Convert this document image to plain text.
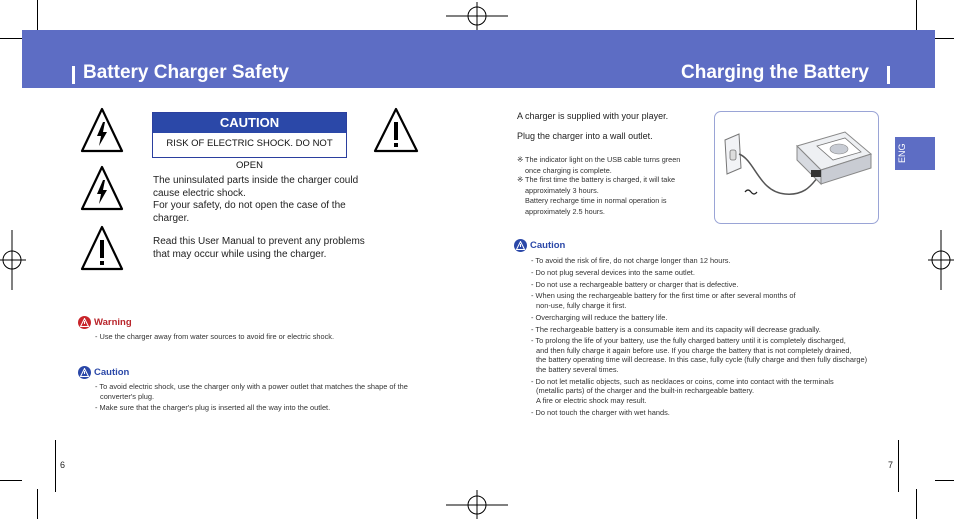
Battery Charger Safety	Charging the Battery
ENG
CAUTION
RISK OF ELECTRIC SHOCK. DO NOT OPEN
The uninsulated parts inside the charger could
cause electric shock.
For your safety, do not open the case of the
charger.
Read this User Manual to prevent any problems
that may occur while using the charger.
Warning
- Use the charger away from water sources to avoid fire or electric shock.
Caution
- To avoid electric shock, use the charger only with a power outlet that matches the shape of the
converter's plug.
- Make sure that the charger's plug is inserted all the way into the outlet.
6
A charger is supplied with your player.
Plug the charger into a wall outlet.
※ The indicator light on the USB cable turns green
once charging is complete.
※ The first time the battery is charged, it will take
approximately 3 hours.
Battery recharge time in normal operation is
approximately 2.5 hours.
Caution
- To avoid the risk of fire, do not charge longer than 12 hours.
- Do not plug several devices into the same outlet.
- Do not use a rechargeable battery or charger that is defective.
- When using the rechargeable battery for the first time or after several months of
non-use, fully charge it first.
- Overcharging will reduce the battery life.
- The rechargeable battery is a consumable item and its capacity will decrease gradually.
- To prolong the life of your battery, use the fully charged battery until it is completely discharged,
and then fully charge it again before use. If you charge the battery that is not completely drained,
the battery operating time will decrease. In this case, fully cycle (fully charge and then fully discharge)
the battery several times.
- Do not let metallic objects, such as necklaces or coins, come into contact with the terminals
(metallic parts) of the charger and the built-in rechargeable battery.
A fire or electric shock may result.
- Do not touch the charger with wet hands.
7
